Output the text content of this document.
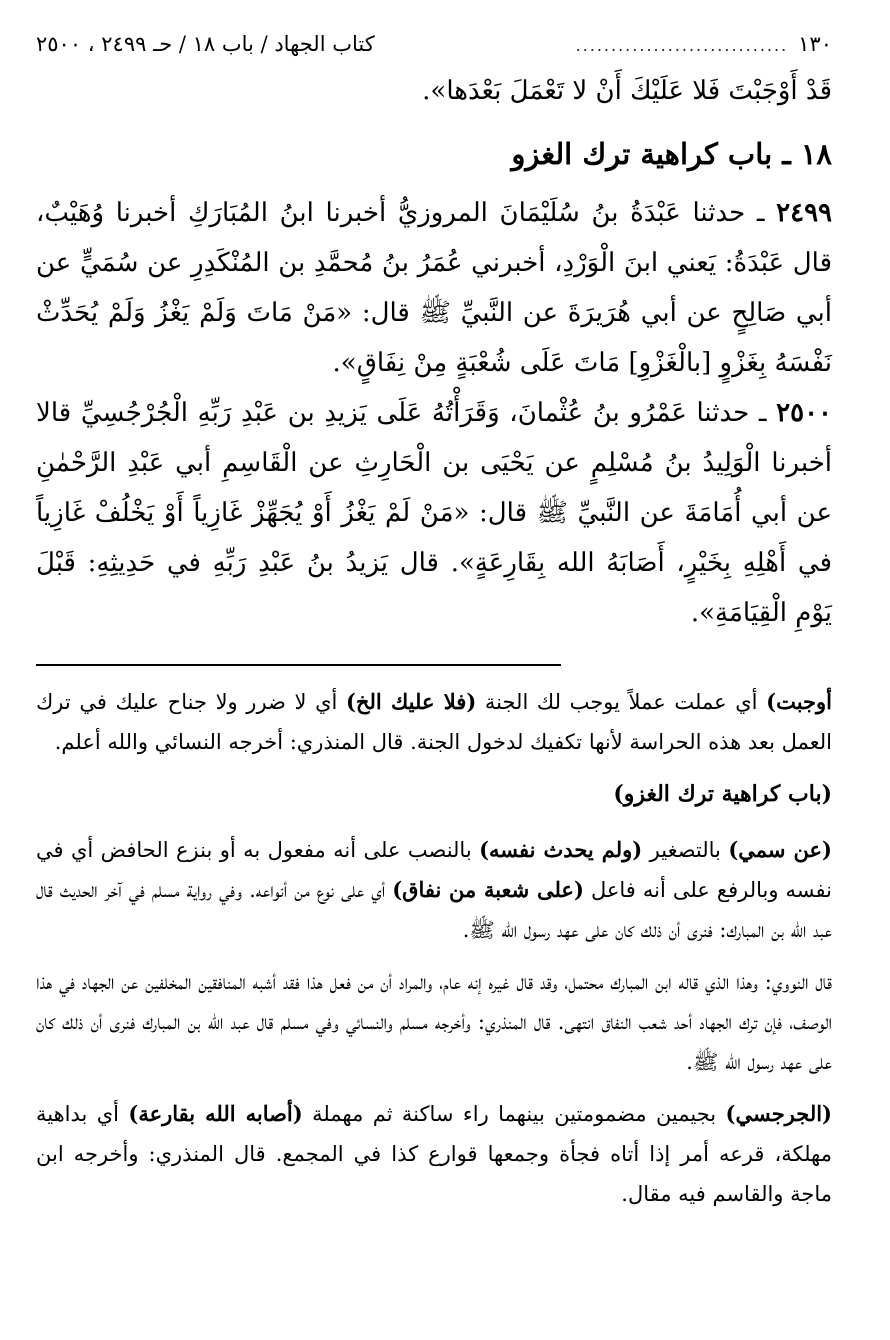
١٣٠
..............................
كتاب الجهاد / باب ١٨ / حـ ٢٤٩٩ ، ٢٥٠٠

قَدْ أَوْجَبْتَ فَلا عَلَيْكَ أَنْ لا تَعْمَلَ بَعْدَها».

١٨ ـ باب كراهية ترك الغزو

٢٤٩٩ ـ حدثنا عَبْدَةُ بنُ سُلَيْمَانَ المروزيُّ أخبرنا ابنُ المُبَارَكِ أخبرنا وُهَيْبٌ، قال عَبْدَةُ: يَعني ابنَ الْوَرْدِ، أخبرني عُمَرُ بنُ مُحمَّدِ بن المُنْكَدِرِ عن سُمَيٍّ عن أبي صَالِحٍ عن أبي هُرَيرَةَ عن النَّبيِّ ﷺ قال: «مَنْ مَاتَ وَلَمْ يَغْزُ وَلَمْ يُحَدِّثْ نَفْسَهُ بِغَزْوٍ [بالْغَزْوِ] مَاتَ عَلَى شُعْبَةٍ مِنْ نِفَاقٍ».

٢٥٠٠ ـ حدثنا عَمْرُو بنُ عُثْمانَ، وَقَرَأْتُهُ عَلَى يَزيدِ بن عَبْدِ رَبِّهِ الْجُرْجُسِيِّ قالا أخبرنا الْوَلِيدُ بنُ مُسْلِمٍ عن يَحْيَى بن الْحَارِثِ عن الْقَاسِمِ أبي عَبْدِ الرَّحْمٰنِ عن أبي أُمَامَةَ عن النَّبيِّ ﷺ قال: «مَنْ لَمْ يَغْزُ أَوْ يُجَهِّزْ غَازِياً أَوْ يَخْلُفْ غَازِياً في أَهْلِهِ بِخَيْرٍ، أَصَابَهُ الله بِقَارِعَةٍ». قال يَزيدُ بنُ عَبْدِ رَبِّهِ في حَدِيثِهِ: قَبْلَ يَوْمِ الْقِيَامَةِ».

أوجبت) أي عملت عملاً يوجب لك الجنة (فلا عليك الخ) أي لا ضرر ولا جناح عليك في ترك العمل بعد هذه الحراسة لأنها تكفيك لدخول الجنة. قال المنذري: أخرجه النسائي والله أعلم.

(باب كراهية ترك الغزو)

(عن سمي) بالتصغير (ولم يحدث نفسه) بالنصب على أنه مفعول به أو بنزع الحافض أي في نفسه وبالرفع على أنه فاعل (على شعبة من نفاق) أي على نوع من أنواعه. وفي رواية مسلم في آخر الحديث قال عبد الله بن المبارك: فنرى أن ذلك كان على عهد رسول الله ﷺ.

قال النووي: وهذا الذي قاله ابن المبارك محتمل، وقد قال غيره إنه عام، والمراد أن من فعل هذا فقد أشبه المنافقين المخلفين عن الجهاد في هذا الوصف، فإن ترك الجهاد أحد شعب النفاق انتهى. قال المنذري: وأخرجه مسلم والنسائي وفي مسلم قال عبد الله بن المبارك فنرى أن ذلك كان على عهد رسول الله ﷺ.

(الجرجسي) بجيمين مضمومتين بينهما راء ساكنة ثم مهملة (أصابه الله بقارعة) أي بداهية مهلكة، قرعه أمر إذا أتاه فجأة وجمعها قوارع كذا في المجمع. قال المنذري: وأخرجه ابن ماجة والقاسم فيه مقال.
